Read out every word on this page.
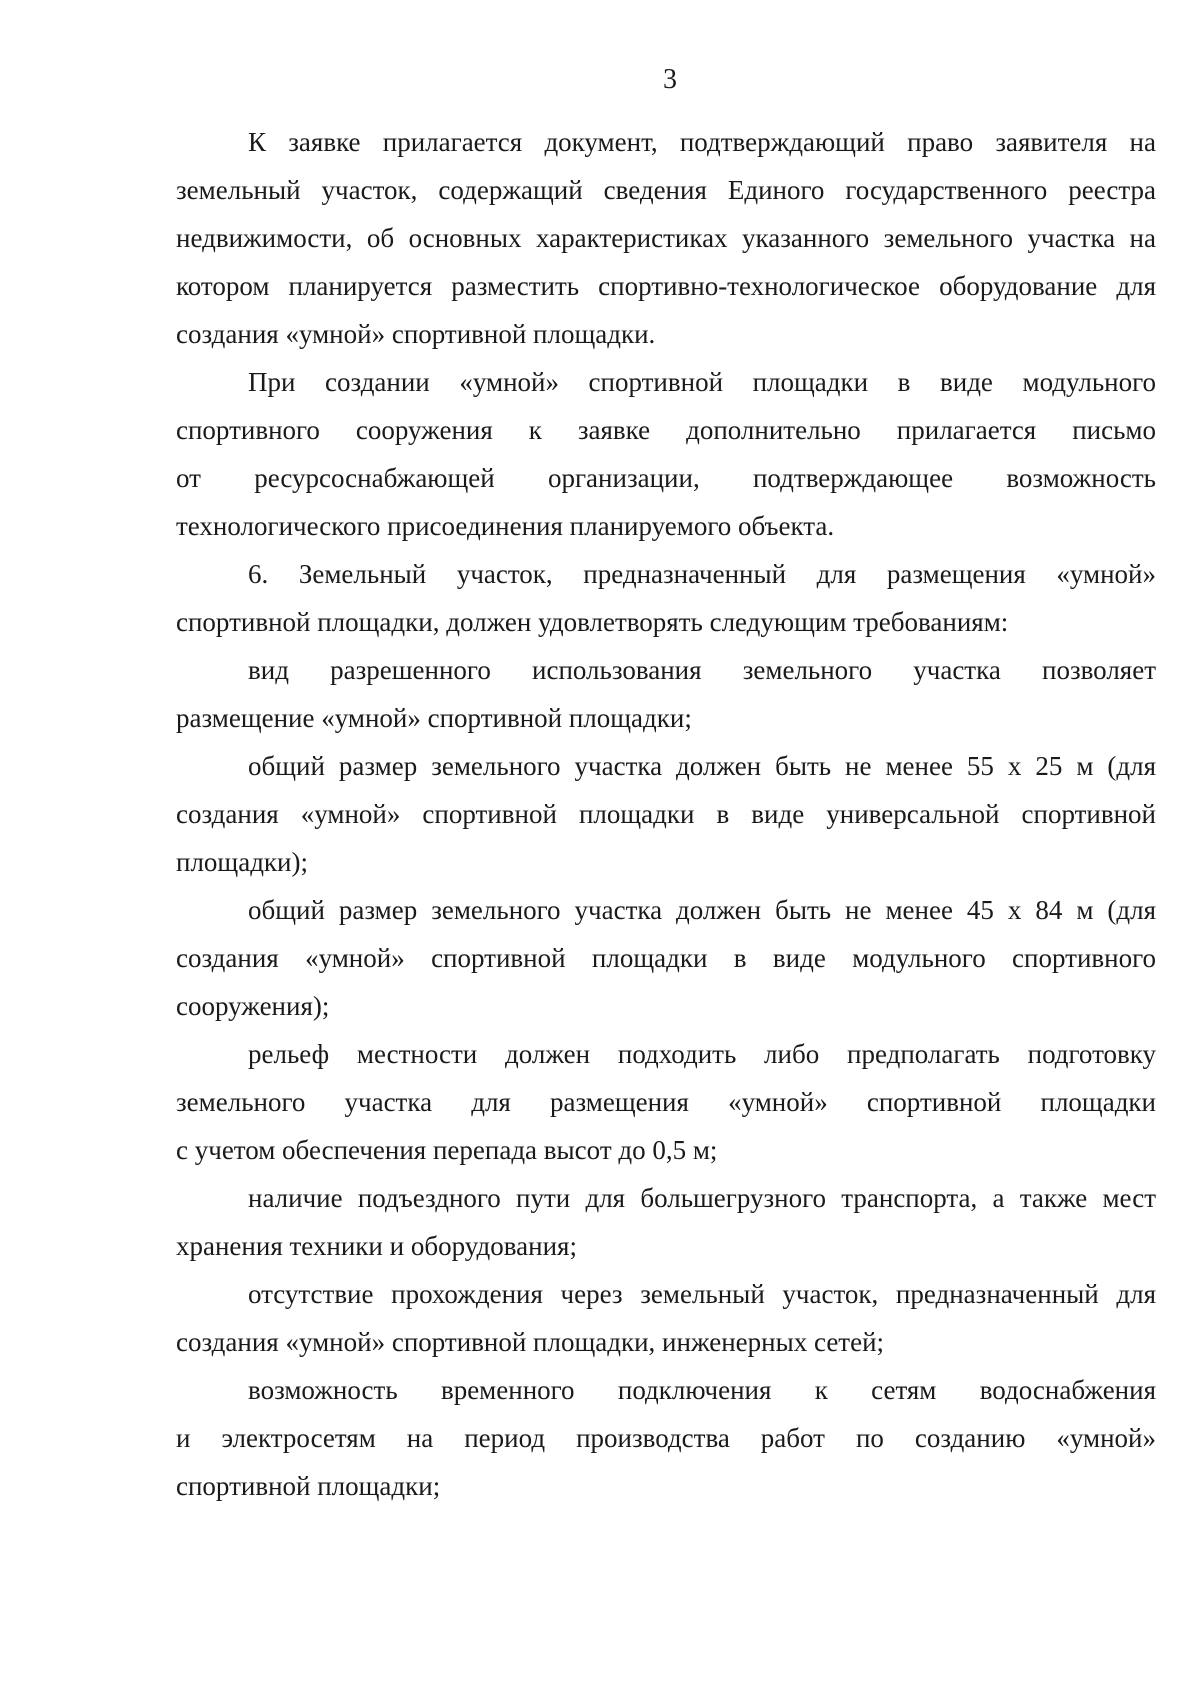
3
К заявке прилагается документ, подтверждающий право заявителя на
земельный участок, содержащий сведения Единого государственного реестра
недвижимости, об основных характеристиках указанного земельного участка на
котором планируется разместить спортивно-технологическое оборудование для
создания «умной» спортивной площадки.
При создании «умной» спортивной площадки в виде модульного
спортивного сооружения к заявке дополнительно прилагается письмо
от ресурсоснабжающей организации, подтверждающее возможность
технологического присоединения планируемого объекта.
6. Земельный участок, предназначенный для размещения «умной»
спортивной площадки, должен удовлетворять следующим требованиям:
вид разрешенного использования земельного участка позволяет
размещение «умной» спортивной площадки;
общий размер земельного участка должен быть не менее 55 х 25 м (для
создания «умной» спортивной площадки в виде универсальной спортивной
площадки);
общий размер земельного участка должен быть не менее 45 х 84 м (для
создания «умной» спортивной площадки в виде модульного спортивного
сооружения);
рельеф местности должен подходить либо предполагать подготовку
земельного участка для размещения «умной» спортивной площадки
с учетом обеспечения перепада высот до 0,5 м;
наличие подъездного пути для большегрузного транспорта, а также мест
хранения техники и оборудования;
отсутствие прохождения через земельный участок, предназначенный для
создания «умной» спортивной площадки, инженерных сетей;
возможность временного подключения к сетям водоснабжения
и электросетям на период производства работ по созданию «умной»
спортивной площадки;
